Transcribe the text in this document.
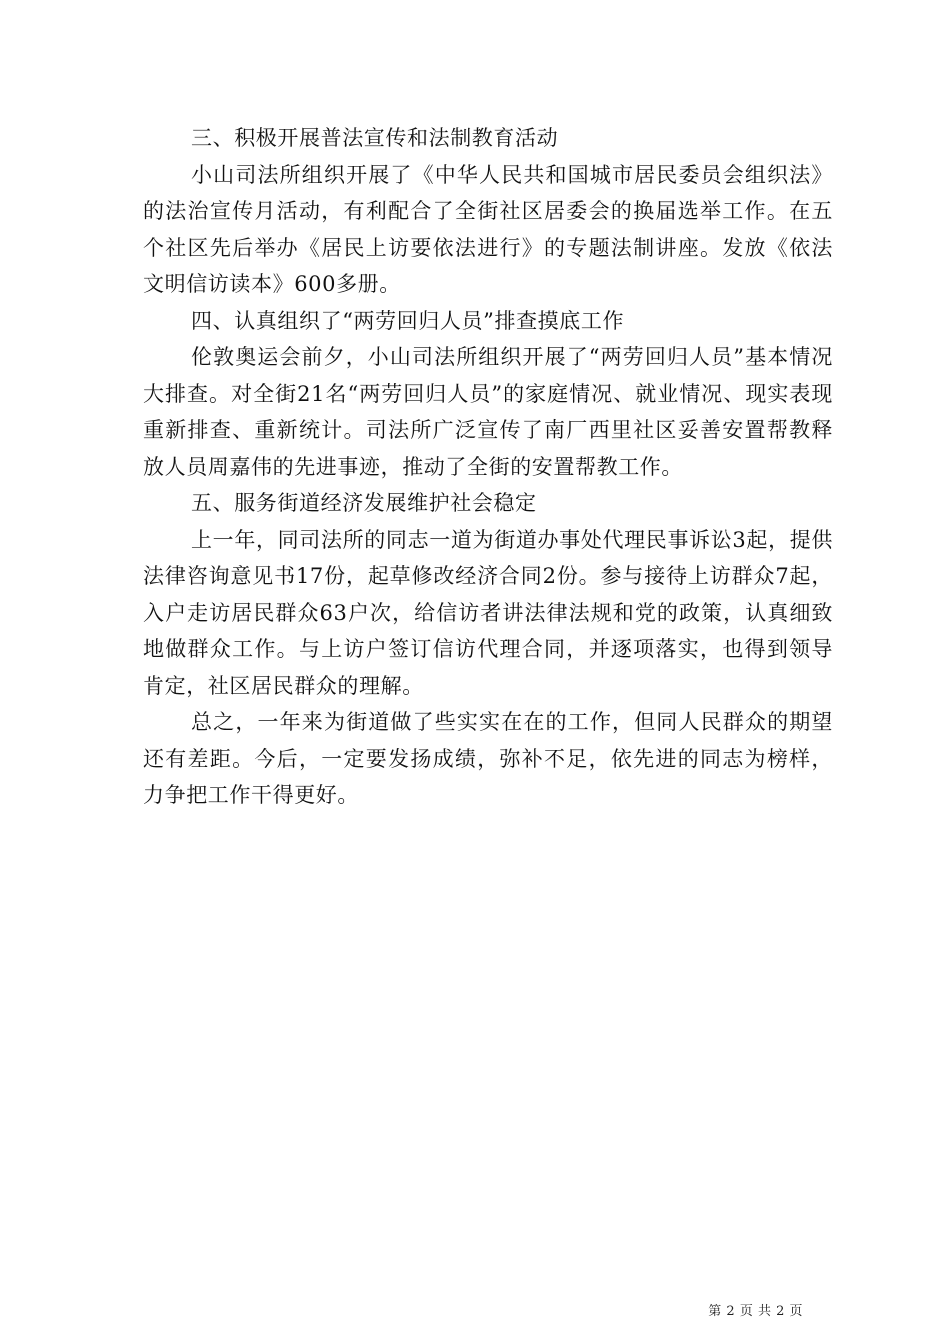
三、积极开展普法宣传和法制教育活动

小山司法所组织开展了《中华人民共和国城市居民委员会组织法》的法治宣传月活动，有利配合了全街社区居委会的换届选举工作。在五个社区先后举办《居民上访要依法进行》的专题法制讲座。发放《依法文明信访读本》600多册。

四、认真组织了“两劳回归人员”排查摸底工作

伦敦奥运会前夕，小山司法所组织开展了“两劳回归人员”基本情况大排查。对全街21名“两劳回归人员”的家庭情况、就业情况、现实表现重新排查、重新统计。司法所广泛宣传了南厂西里社区妥善安置帮教释放人员周嘉伟的先进事迹，推动了全街的安置帮教工作。

五、服务街道经济发展维护社会稳定

上一年，同司法所的同志一道为街道办事处代理民事诉讼3起，提供法律咨询意见书17份，起草修改经济合同2份。参与接待上访群众7起，入户走访居民群众63户次，给信访者讲法律法规和党的政策，认真细致地做群众工作。与上访户签订信访代理合同，并逐项落实，也得到领导肯定，社区居民群众的理解。

总之，一年来为街道做了些实实在在的工作，但同人民群众的期望还有差距。今后，一定要发扬成绩，弥补不足，依先进的同志为榜样，力争把工作干得更好。

第 2 页 共 2 页
